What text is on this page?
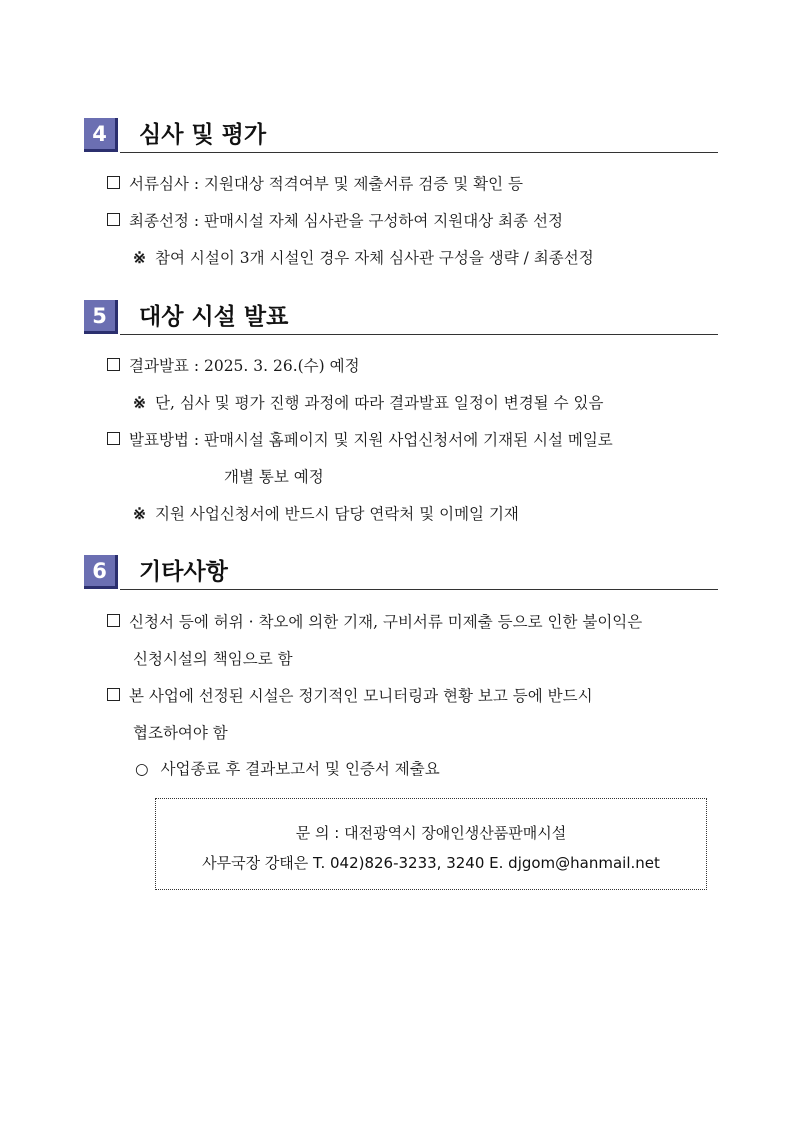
4	심사 및 평가
서류심사 : 지원대상 적격여부 및 제출서류 검증 및 확인 등
최종선정 : 판매시설 자체 심사관을 구성하여 지원대상 최종 선정
※ 참여 시설이 3개 시설인 경우 자체 심사관 구성을 생략 / 최종선정
5	대상 시설 발표
결과발표 : 2025. 3. 26.(수) 예정
※ 단, 심사 및 평가 진행 과정에 따라 결과발표 일정이 변경될 수 있음
발표방법 : 판매시설 홈페이지 및 지원 사업신청서에 기재된 시설 메일로
개별 통보 예정
※ 지원 사업신청서에 반드시 담당 연락처 및 이메일 기재
6	기타사항
신청서 등에 허위 · 착오에 의한 기재, 구비서류 미제출 등으로 인한 불이익은
신청시설의 책임으로 함
본 사업에 선정된 시설은 정기적인 모니터링과 현황 보고 등에 반드시
협조하여야 함
○ 사업종료 후 결과보고서 및 인증서 제출요
문 의 : 대전광역시 장애인생산품판매시설
사무국장 강태은 T. 042)826-3233, 3240 E. djgom@hanmail.net
